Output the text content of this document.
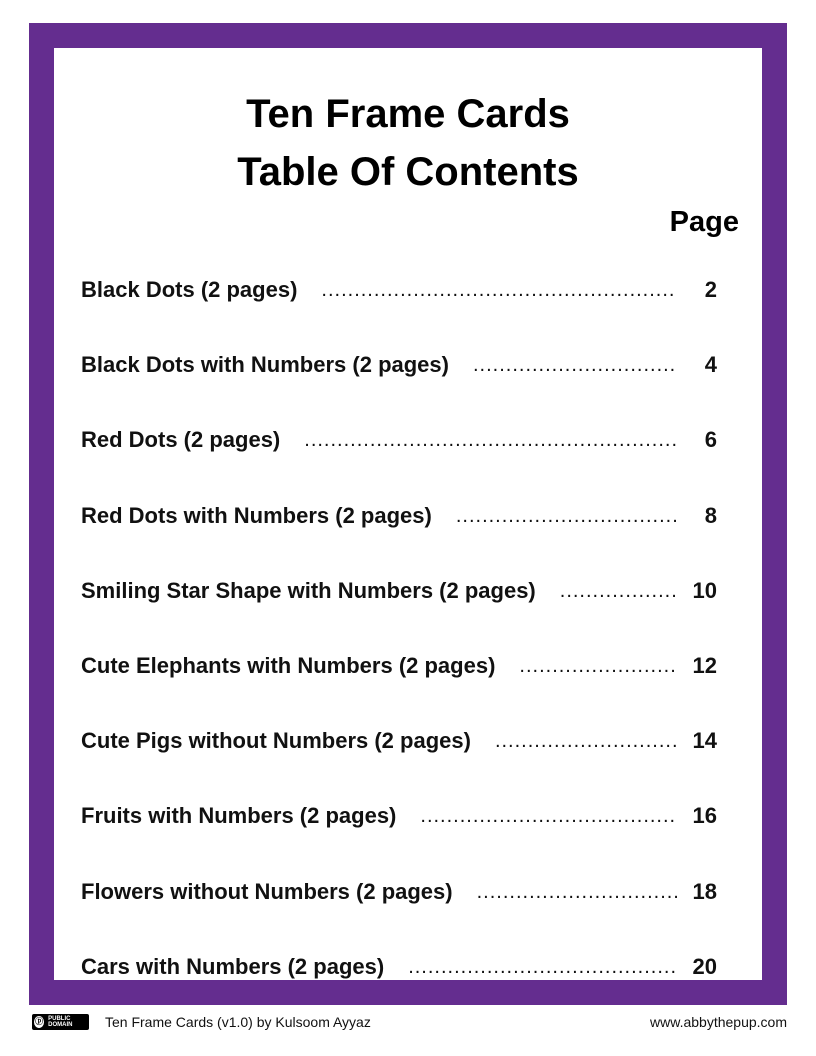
Ten Frame Cards
Table Of Contents
Page
Black Dots (2 pages) .....	2
Black Dots with Numbers (2 pages) .....	4
Red Dots (2 pages) .....	6
Red Dots with Numbers (2 pages) .....	8
Smiling Star Shape with Numbers (2 pages) .....	10
Cute Elephants with Numbers (2 pages) .....	12
Cute Pigs without Numbers (2 pages) .....	14
Fruits with Numbers (2 pages) .....	16
Flowers without Numbers (2 pages) .....	18
Cars with Numbers (2 pages) .....	20
ⓟ PUBLIC DOMAIN	Ten Frame Cards (v1.0) by Kulsoom Ayyaz	www.abbythepup.com
